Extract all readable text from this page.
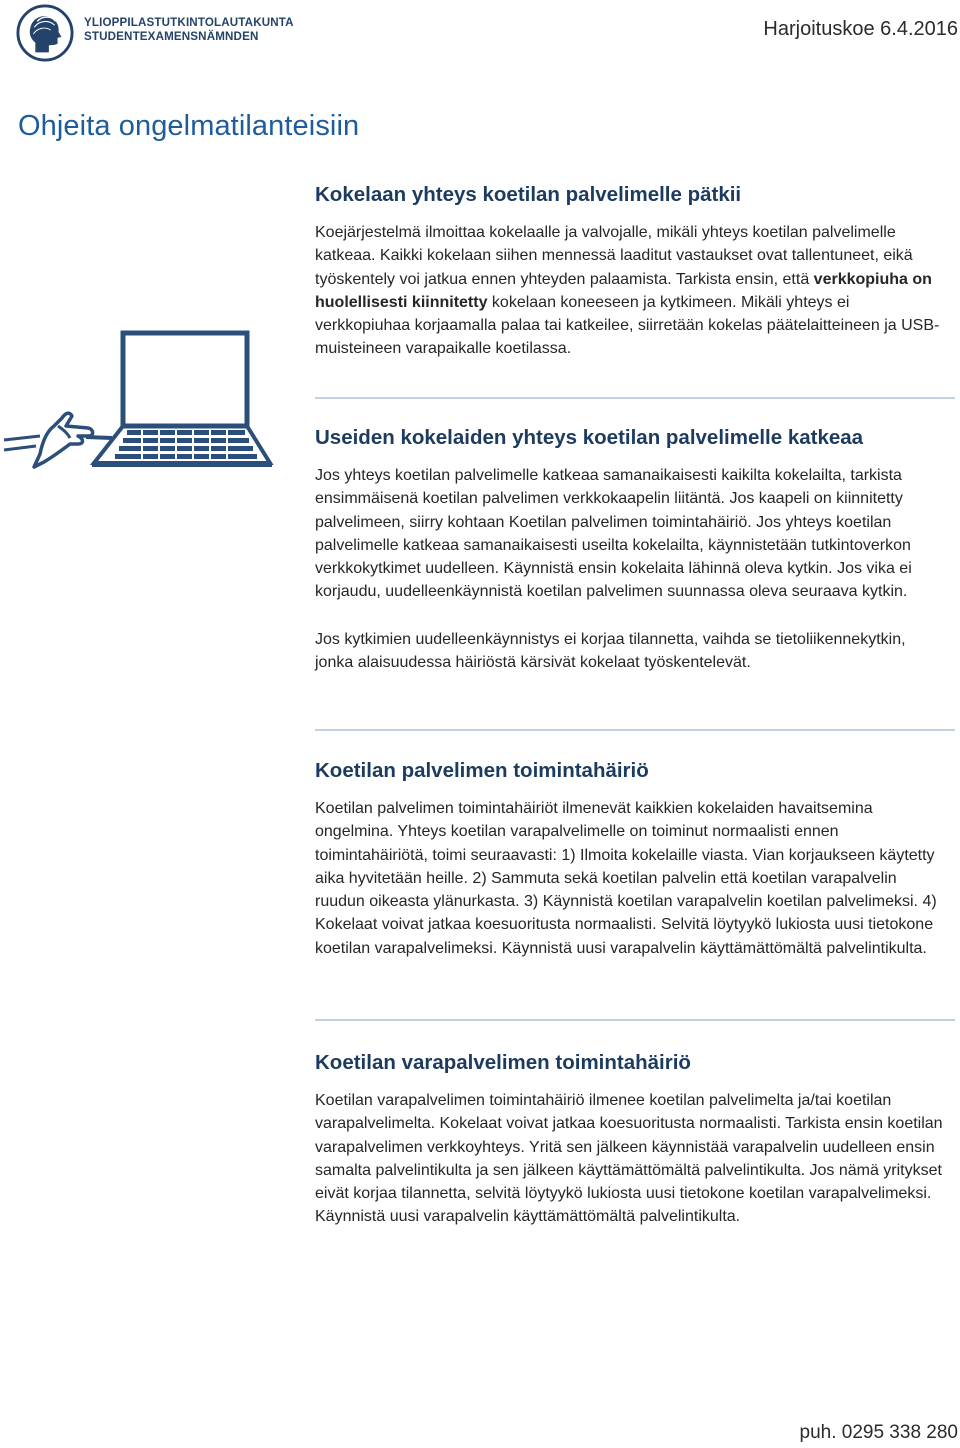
YLIOPPILASTUTKINTOLAUTAKUNTA
STUDENTEXAMENSNÄMNDEN	Harjoituskoe 6.4.2016
Ohjeita ongelmatilanteisiin
Kokelaan yhteys koetilan palvelimelle pätkii

Koejärjestelmä ilmoittaa kokelaalle ja valvojalle, mikäli yhteys koetilan palvelimelle katkeaa. Kaikki kokelaan siihen mennessä laaditut vastaukset ovat tallentuneet, eikä työskentely voi jatkua ennen yhteyden palaamista. Tarkista ensin, että verkkopiuha on huolellisesti kiinnitetty kokelaan koneeseen ja kytkimeen. Mikäli yhteys ei verkkopiuhaa korjaamalla palaa tai katkeilee, siirretään kokelas päätelaitteineen ja USB-muisteineen varapaikalle koetilassa.

Useiden kokelaiden yhteys koetilan palvelimelle katkeaa

Jos yhteys koetilan palvelimelle katkeaa samanaikaisesti kaikilta kokelailta, tarkista ensimmäisenä koetilan palvelimen verkkokaapelin liitäntä. Jos kaapeli on kiinnitetty palvelimeen, siirry kohtaan Koetilan palvelimen toimintahäiriö. Jos yhteys koetilan palvelimelle katkeaa samanaikaisesti useilta kokelailta, käynnistetään tutkintoverkon verkkokytkimet uudelleen. Käynnistä ensin kokelaita lähinnä oleva kytkin. Jos vika ei korjaudu, uudelleenkäynnistä koetilan palvelimen suunnassa oleva seuraava kytkin.

Jos kytkimien uudelleenkäynnistys ei korjaa tilannetta, vaihda se tietoliikennekytkin, jonka alaisuudessa häiriöstä kärsivät kokelaat työskentelevät.

Koetilan palvelimen toimintahäiriö

Koetilan palvelimen toimintahäiriöt ilmenevät kaikkien kokelaiden havaitsemina ongelmina. Yhteys koetilan varapalvelimelle on toiminut normaalisti ennen toimintahäiriötä, toimi seuraavasti: 1) Ilmoita kokelaille viasta. Vian korjaukseen käytetty aika hyvitetään heille. 2) Sammuta sekä koetilan palvelin että koetilan varapalvelin ruudun oikeasta ylänurkasta. 3) Käynnistä koetilan varapalvelin koetilan palvelimeksi. 4) Kokelaat voivat jatkaa koesuoritusta normaalisti. Selvitä löytyykö lukiosta uusi tietokone koetilan varapalvelimeksi. Käynnistä uusi varapalvelin käyttämättömältä palvelintikulta.

Koetilan varapalvelimen toimintahäiriö

Koetilan varapalvelimen toimintahäiriö ilmenee koetilan palvelimelta ja/tai koetilan varapalvelimelta. Kokelaat voivat jatkaa koesuoritusta normaalisti. Tarkista ensin koetilan varapalvelimen verkkoyhteys. Yritä sen jälkeen käynnistää varapalvelin uudelleen ensin samalta palvelintikulta ja sen jälkeen käyttämättömältä palvelintikulta. Jos nämä yritykset eivät korjaa tilannetta, selvitä löytyykö lukiosta uusi tietokone koetilan varapalvelimeksi. Käynnistä uusi varapalvelin käyttämättömältä palvelintikulta.

puh. 0295 338 280
